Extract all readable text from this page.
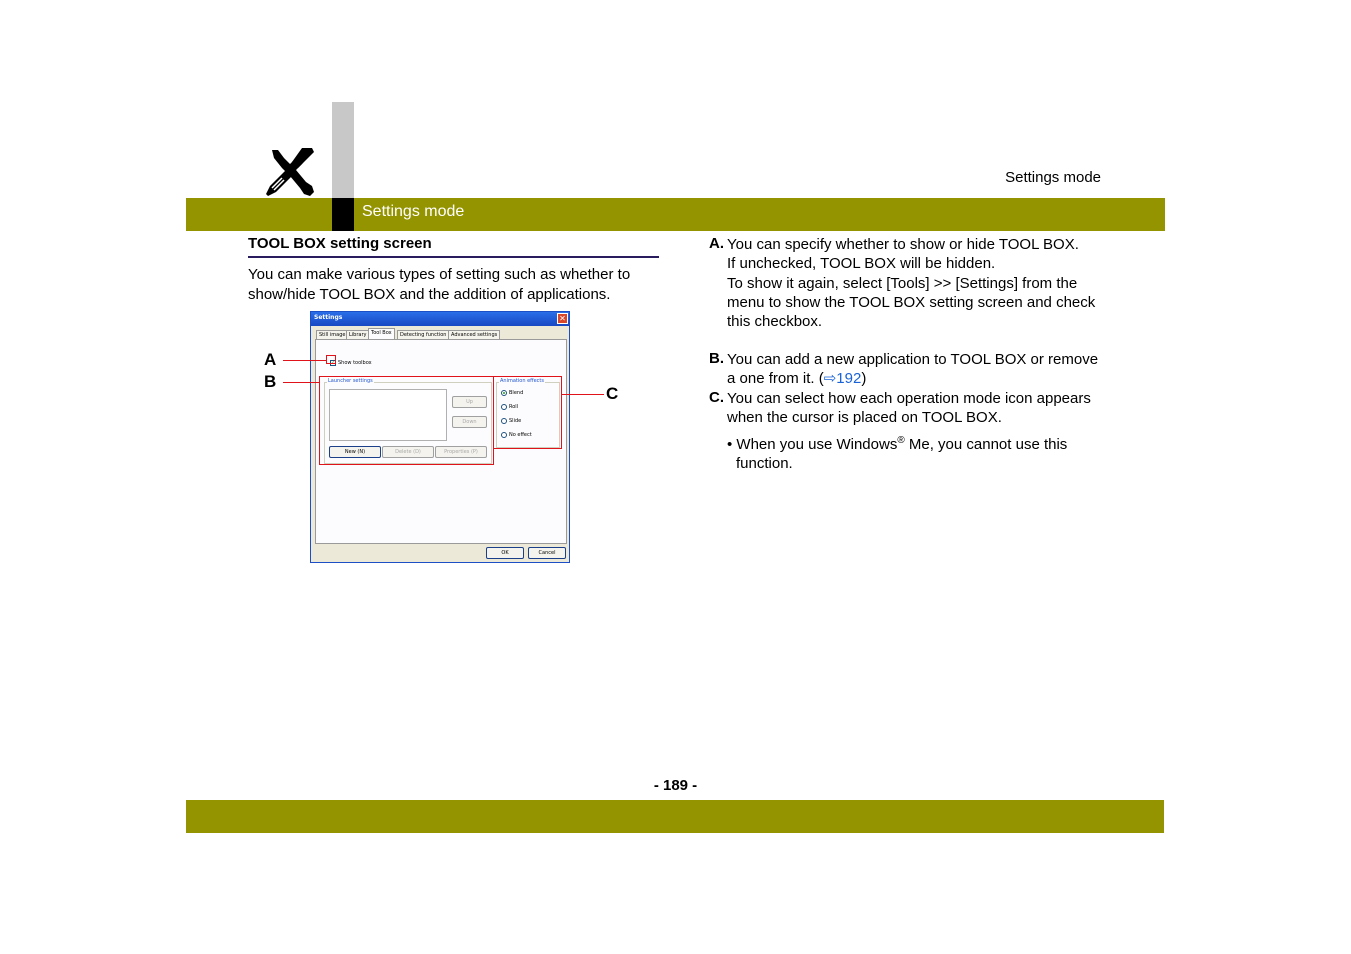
Settings mode
Settings mode
TOOL BOX setting screen
You can make various types of setting such as whether to show/hide TOOL BOX and the addition of applications.
Settings	✕
Still image Library Tool Box	Detecting function Advanced settings
✓ Show toolbox
Launcher settings
Up
Down
New (N)	Delete (D)	Properties (P)
Animation effects
Blend
Roll
Slide
No effect
OK	Cancel
A
B
C
A. You can specify whether to show or hide TOOL BOX.
If unchecked, TOOL BOX will be hidden.
To show it again, select [Tools] >> [Settings] from the menu to show the TOOL BOX setting screen and check this checkbox.
B. You can add a new application to TOOL BOX or remove a one from it. (⇨192)
C. You can select how each operation mode icon appears when the cursor is placed on TOOL BOX.
• When you use Windows® Me, you cannot use this function.
- 189 -
